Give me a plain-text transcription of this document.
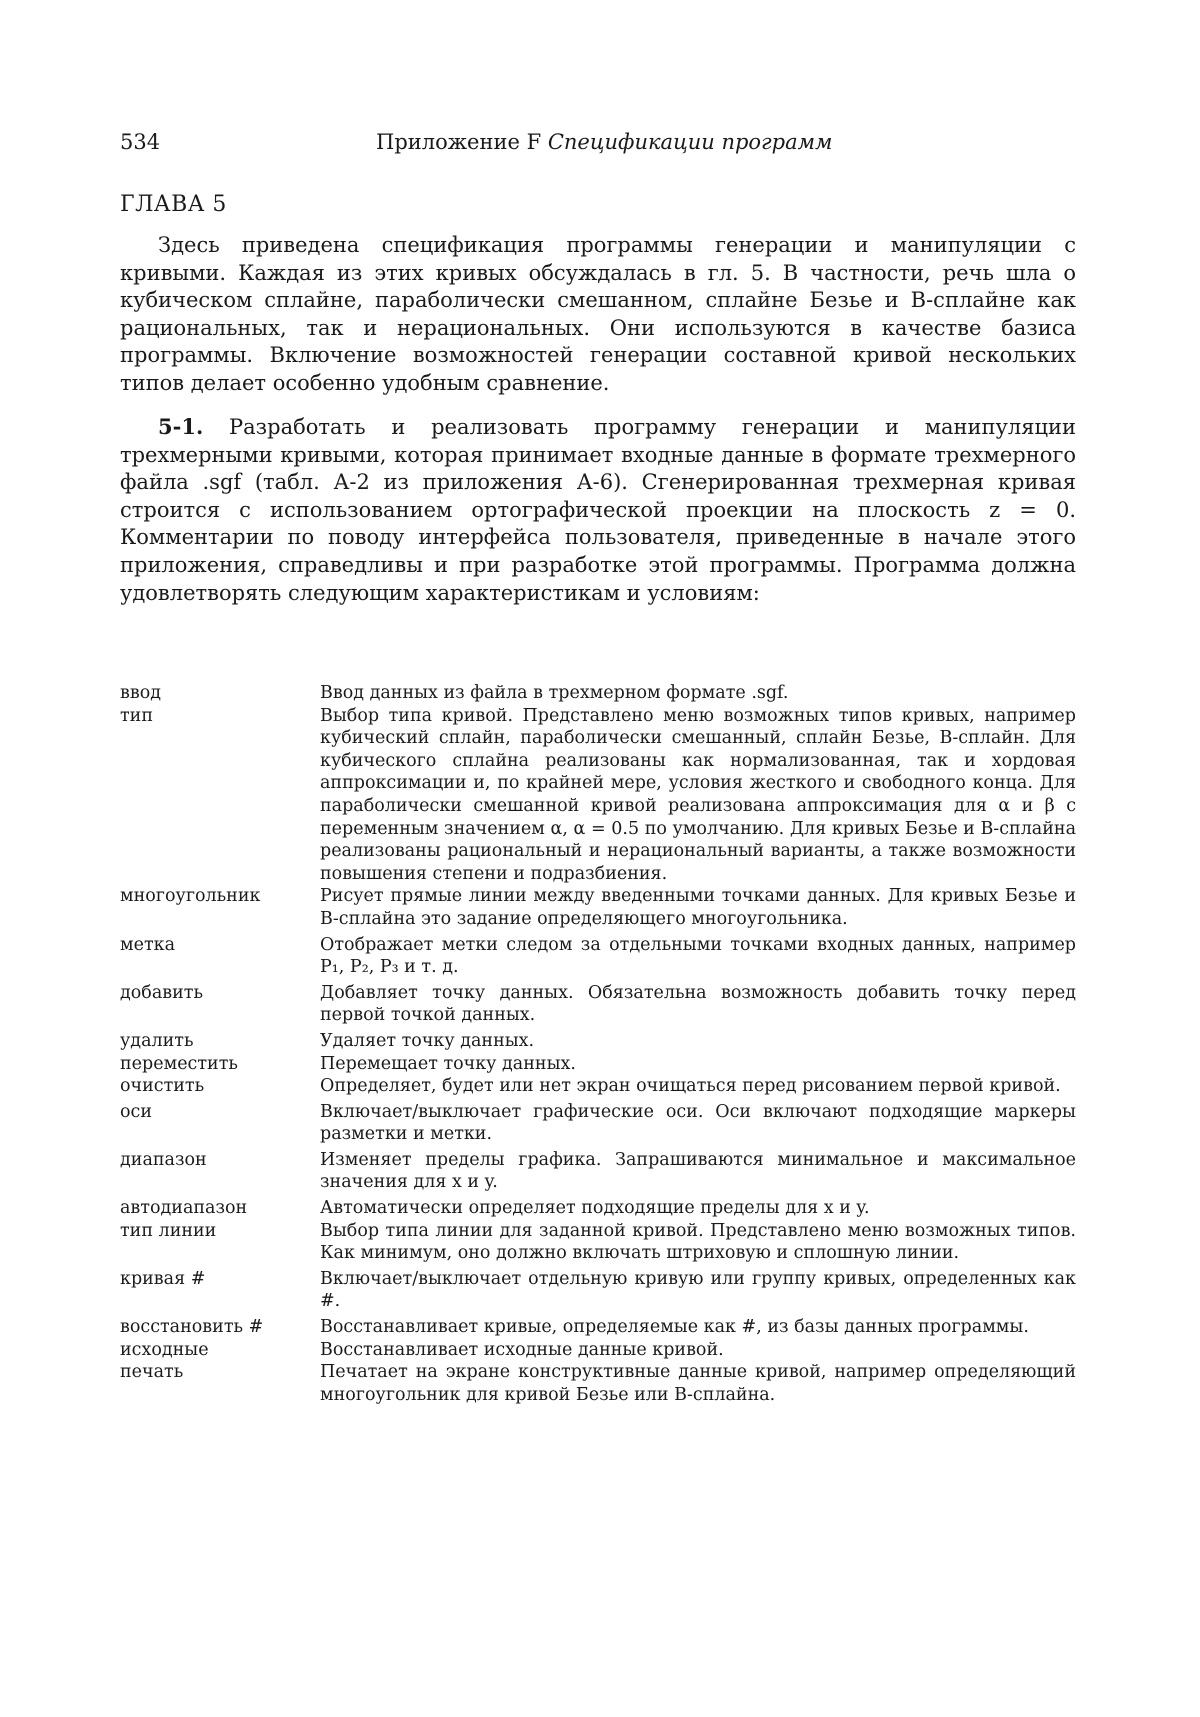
534	Приложение F Спецификации программ
ГЛАВА 5

Здесь приведена спецификация программы генерации и манипуляции с кривыми. Каждая из этих кривых обсуждалась в гл. 5. В частности, речь шла о кубическом сплайне, параболически смешанном, сплайне Безье и В-сплайне как рациональных, так и нерациональных. Они используются в качестве базиса программы. Включение возможностей генерации составной кривой нескольких типов делает особенно удобным сравнение.

5-1. Разработать и реализовать программу генерации и манипуляции трехмерными кривыми, которая принимает входные данные в формате трехмерного файла .sgf (табл. А-2 из приложения А-6). Сгенерированная трехмерная кривая строится с использованием ортографической проекции на плоскость z = 0. Комментарии по поводу интерфейса пользователя, приведенные в начале этого приложения, справедливы и при разработке этой программы. Программа должна удовлетворять следующим характеристикам и условиям:

ввод	Ввод данных из файла в трехмерном формате .sgf.
тип	Выбор типа кривой. Представлено меню возможных типов кривых, например кубический сплайн, параболически смешанный, сплайн Безье, В-сплайн. Для кубического сплайна реализованы как нормализованная, так и хордовая аппроксимации и, по крайней мере, условия жесткого и свободного конца. Для параболически смешанной кривой реализована аппроксимация для α и β с переменным значением α, α = 0.5 по умолчанию. Для кривых Безье и В-сплайна реализованы рациональный и нерациональный варианты, а также возможности повышения степени и подразбиения.
многоугольник	Рисует прямые линии между введенными точками данных. Для кривых Безье и В-сплайна это задание определяющего многоугольника.
метка	Отображает метки следом за отдельными точками входных данных, например P₁, P₂, P₃ и т. д.
добавить	Добавляет точку данных. Обязательна возможность добавить точку перед первой точкой данных.
удалить	Удаляет точку данных.
переместить	Перемещает точку данных.
очистить	Определяет, будет или нет экран очищаться перед рисованием первой кривой.
оси	Включает/выключает графические оси. Оси включают подходящие маркеры разметки и метки.
диапазон	Изменяет пределы графика. Запрашиваются минимальное и максимальное значения для x и y.
автодиапазон	Автоматически определяет подходящие пределы для x и y.
тип линии	Выбор типа линии для заданной кривой. Представлено меню возможных типов. Как минимум, оно должно включать штриховую и сплошную линии.
кривая #	Включает/выключает отдельную кривую или группу кривых, определенных как #.
восстановить #	Восстанавливает кривые, определяемые как #, из базы данных программы.
исходные	Восстанавливает исходные данные кривой.
печать	Печатает на экране конструктивные данные кривой, например определяющий многоугольник для кривой Безье или В-сплайна.
